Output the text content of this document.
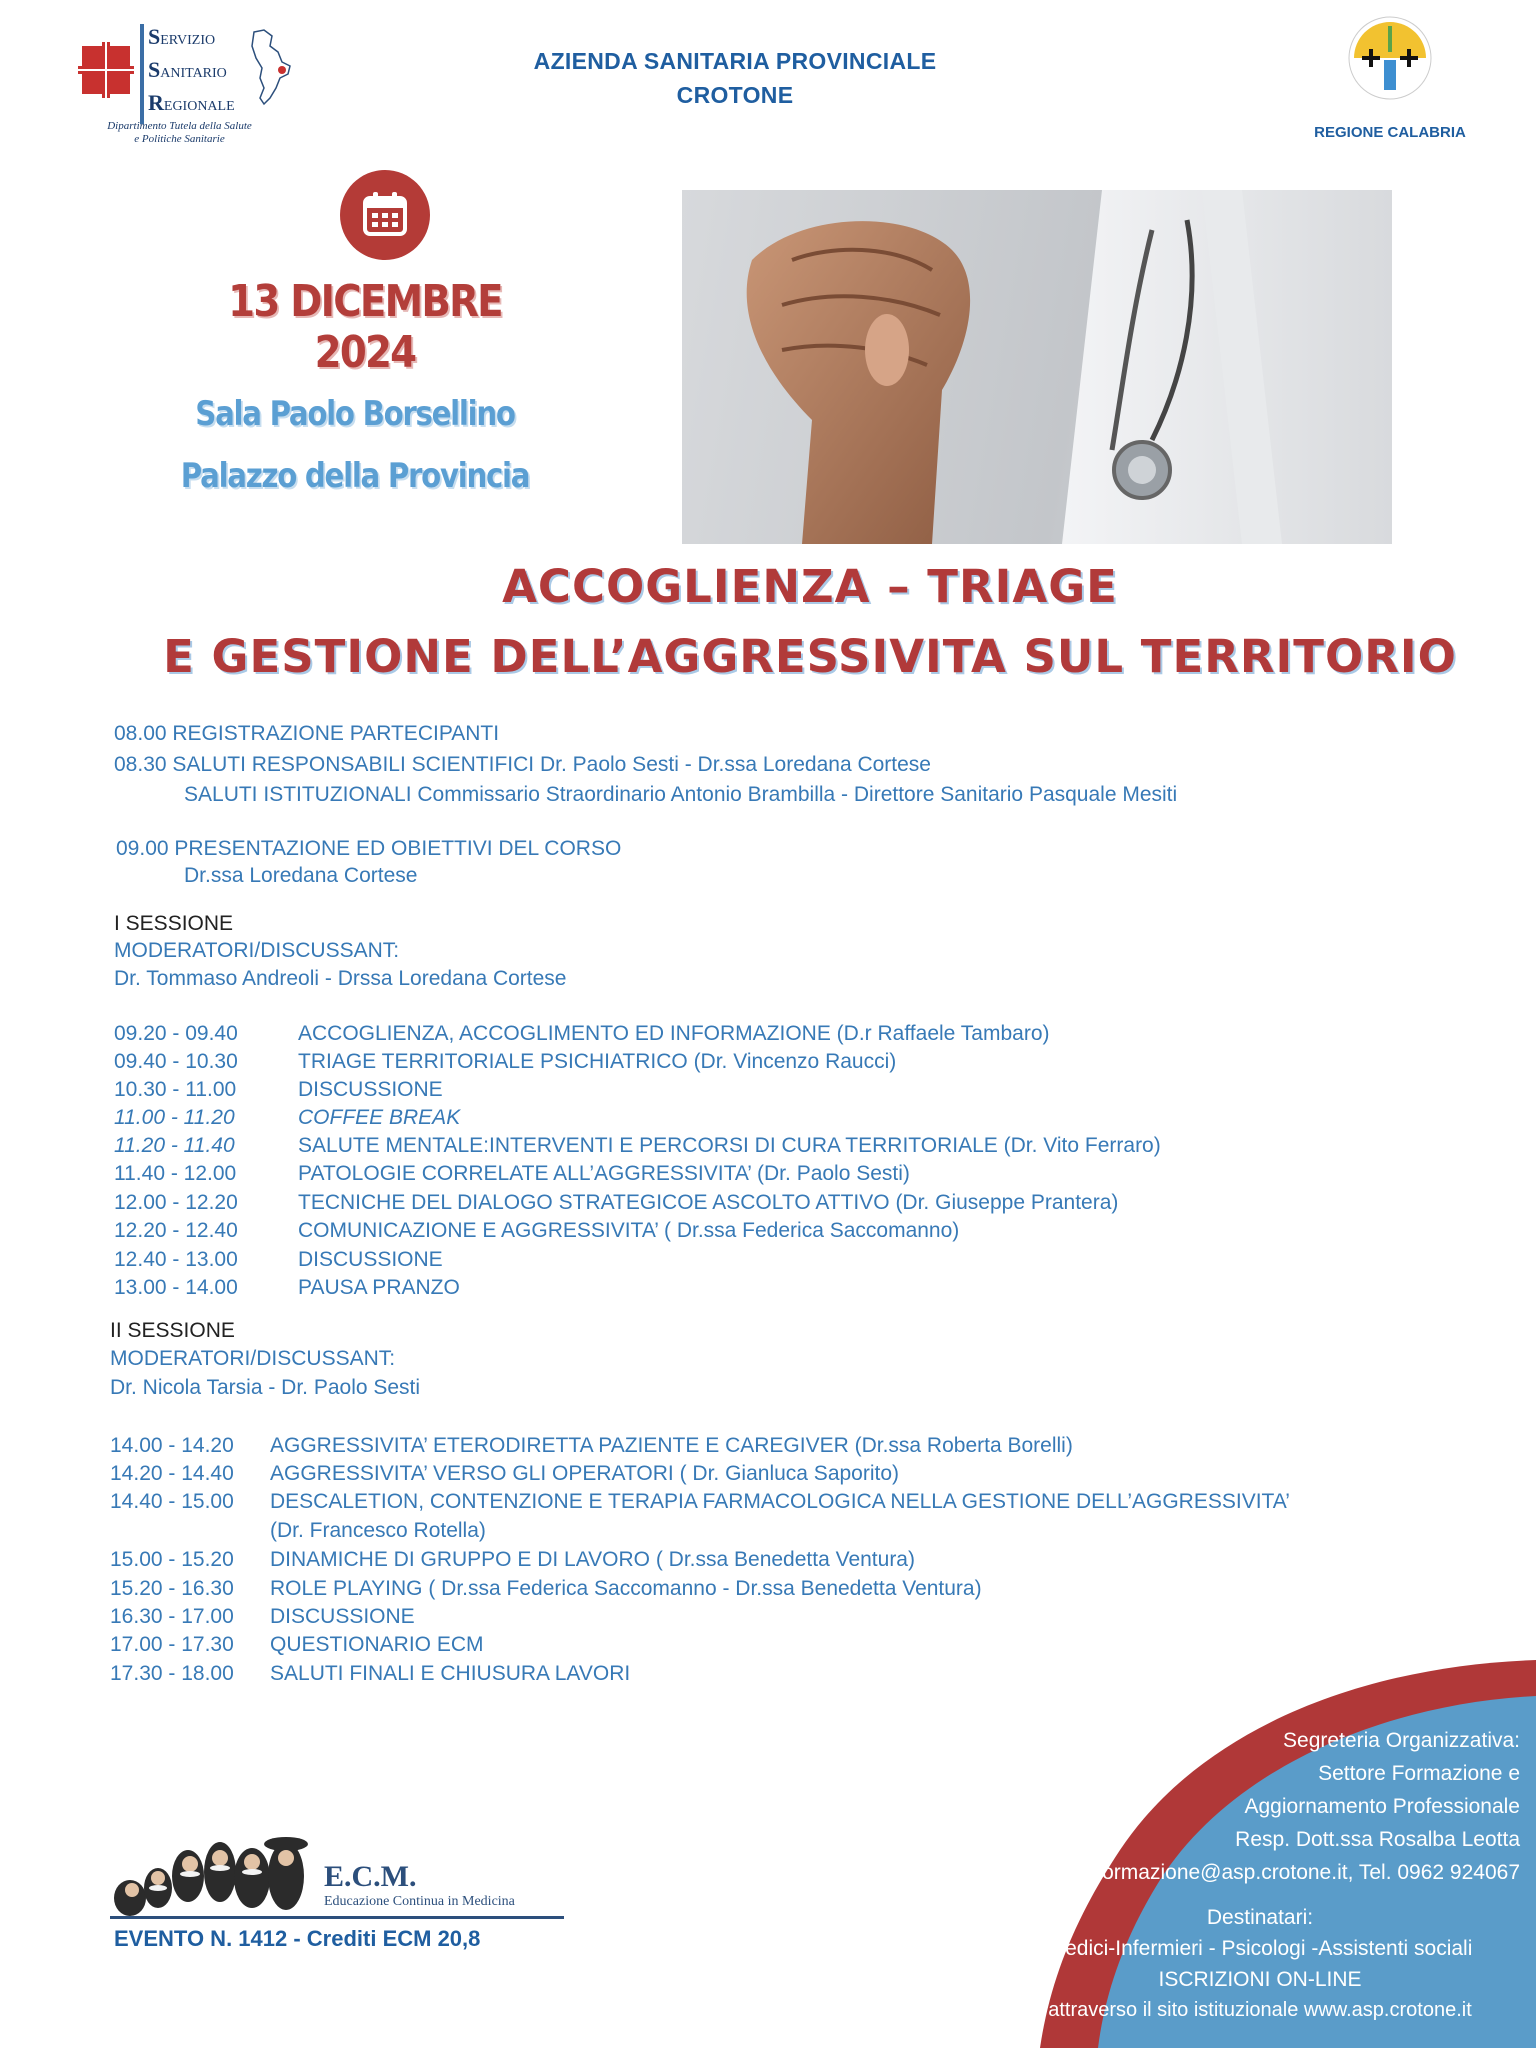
SERVIZIO
SANITARIO
REGIONALE
Dipartimento Tutela della Salute
e Politiche Sanitarie
AZIENDA SANITARIA PROVINCIALE
CROTONE
REGIONE CALABRIA
13 DICEMBRE 2024
Sala Paolo Borsellino
Palazzo della Provincia
ACCOGLIENZA – TRIAGE
E GESTIONE DELL’AGGRESSIVITA SUL TERRITORIO
08.00 REGISTRAZIONE PARTECIPANTI
08.30 SALUTI RESPONSABILI SCIENTIFICI Dr. Paolo Sesti - Dr.ssa Loredana Cortese
SALUTI ISTITUZIONALI Commissario Straordinario Antonio Brambilla - Direttore Sanitario Pasquale Mesiti
09.00 PRESENTAZIONE ED OBIETTIVI DEL CORSO
Dr.ssa Loredana Cortese
I SESSIONE
MODERATORI/DISCUSSANT:
Dr. Tommaso Andreoli - Drssa Loredana Cortese
09.20 - 09.40	ACCOGLIENZA, ACCOGLIMENTO ED INFORMAZIONE (D.r Raffaele Tambaro)
09.40 - 10.30	TRIAGE TERRITORIALE PSICHIATRICO (Dr. Vincenzo Raucci)
10.30 - 11.00	DISCUSSIONE
11.00 - 11.20	COFFEE BREAK
11.20 - 11.40	SALUTE MENTALE:INTERVENTI E PERCORSI DI CURA TERRITORIALE (Dr. Vito Ferraro)
11.40 - 12.00	PATOLOGIE CORRELATE ALL’AGGRESSIVITA’ (Dr. Paolo Sesti)
12.00 - 12.20	TECNICHE DEL DIALOGO STRATEGICOE ASCOLTO ATTIVO (Dr. Giuseppe Prantera)
12.20 - 12.40	COMUNICAZIONE E AGGRESSIVITA’ ( Dr.ssa Federica Saccomanno)
12.40 - 13.00	DISCUSSIONE
13.00 - 14.00	PAUSA PRANZO
II SESSIONE
MODERATORI/DISCUSSANT:
Dr. Nicola Tarsia - Dr. Paolo Sesti
14.00 - 14.20 AGGRESSIVITA’ ETERODIRETTA PAZIENTE E CAREGIVER (Dr.ssa Roberta Borelli)
14.20 - 14.40 AGGRESSIVITA’ VERSO GLI OPERATORI ( Dr. Gianluca Saporito)
14.40 - 15.00 DESCALETION, CONTENZIONE E TERAPIA FARMACOLOGICA NELLA GESTIONE DELL’AGGRESSIVITA’
(Dr. Francesco Rotella)
15.00 - 15.20 DINAMICHE DI GRUPPO E DI LAVORO ( Dr.ssa Benedetta Ventura)
15.20 - 16.30 ROLE PLAYING ( Dr.ssa Federica Saccomanno - Dr.ssa Benedetta Ventura)
16.30 - 17.00 DISCUSSIONE
17.00 - 17.30 QUESTIONARIO ECM
17.30 - 18.00 SALUTI FINALI E CHIUSURA LAVORI
E.C.M.
Educazione Continua in Medicina
EVENTO N. 1412 - Crediti ECM 20,8
Segreteria Organizzativa:
Settore Formazione e
Aggiornamento Professionale
Resp. Dott.ssa Rosalba Leotta
formazione@asp.crotone.it, Tel. 0962 924067
Destinatari:
Medici-Infermieri - Psicologi -Assistenti sociali
ISCRIZIONI ON-LINE
attraverso il sito istituzionale www.asp.crotone.it
